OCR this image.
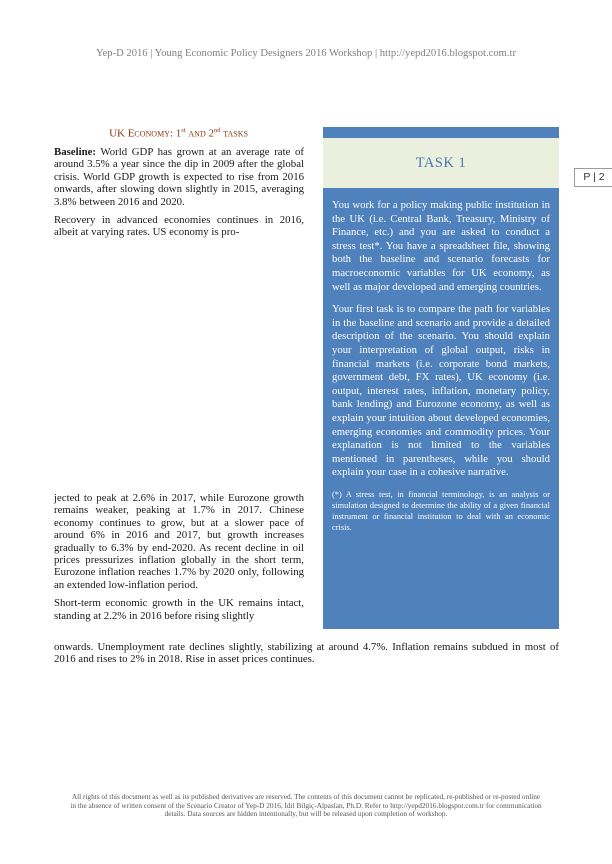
Yep-D 2016 | Young Economic Policy Designers 2016 Workshop | http://yepd2016.blogspot.com.tr
P | 2
UK Economy: 1st and 2nd tasks

Baseline: World GDP has grown at an average rate of around 3.5% a year since the dip in 2009 after the global crisis. World GDP growth is expected to rise from 2016 onwards, after slowing down slightly in 2015, averaging 3.8% between 2016 and 2020.

Recovery in advanced economies continues in 2016, albeit at varying rates. US economy is pro-

jected to peak at 2.6% in 2017, while Eurozone growth remains weaker, peaking at 1.7% in 2017. Chinese economy continues to grow, but at a slower pace of around 6% in 2016 and 2017, but growth increases gradually to 6.3% by end-2020. As recent decline in oil prices pressurizes inflation globally in the short term, Eurozone inflation reaches 1.7% by 2020 only, following an extended low-inflation period.

Short-term economic growth in the UK remains intact, standing at 2.2% in 2016 before rising slightly

onwards. Unemployment rate declines slightly, stabilizing at around 4.7%. Inflation remains subdued in most of 2016 and rises to 2% in 2018. Rise in asset prices continues.
TASK 1

You work for a policy making public institution in the UK (i.e. Central Bank, Treasury, Ministry of Finance, etc.) and you are asked to conduct a stress test*. You have a spreadsheet file, showing both the baseline and scenario forecasts for macroeconomic variables for UK economy, as well as major developed and emerging countries.

Your first task is to compare the path for variables in the baseline and scenario and provide a detailed description of the scenario. You should explain your interpretation of global output, risks in financial markets (i.e. corporate bond markets, government debt, FX rates), UK economy (i.e. output, interest rates, inflation, monetary policy, bank lending) and Eurozone economy, as well as explain your intuition about developed economies, emerging economies and commodity prices. Your explanation is not limited to the variables mentioned in parentheses, while you should explain your case in a cohesive narrative.

(*) A stress test, in financial terminology, is an analysis or simulation designed to determine the ability of a given financial instrument or financial institution to deal with an economic crisis.

All rights of this document as well as its published derivatives are reserved. The contents of this document cannot be replicated, re-published or re-posted online in the absence of written consent of the Scenario Creator of Yep-D 2016, İdil Bilgiç-Alpaslan, Ph.D. Refer to http://yepd2016.blogspot.com.tr for communication details. Data sources are hidden intentionally, but will be released upon completion of workshop.
